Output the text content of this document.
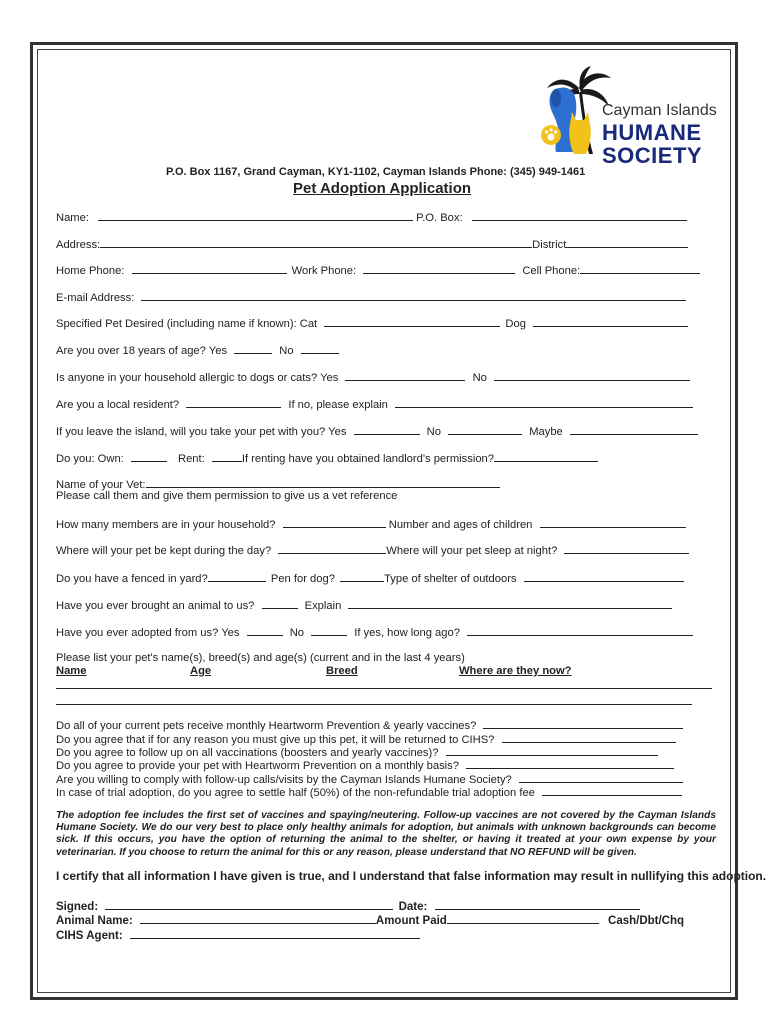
Cayman Islands
HUMANE
SOCIETY
P.O. Box 1167, Grand Cayman, KY1-1102, Cayman Islands Phone: (345) 949-1461
Pet Adoption Application
Name:	P.O. Box:
Address:	District
Home Phone:	Work Phone:	Cell Phone:
E-mail Address:
Specified Pet Desired (including name if known): Cat	Dog
Are you over 18 years of age? Yes	No
Is anyone in your household allergic to dogs or cats? Yes	No
Are you a local resident?	If no, please explain
If you leave the island, will you take your pet with you? Yes	No	Maybe
Do you: Own:	Rent:	If renting have you obtained landlord's permission?
Name of your Vet:
Please call them and give them permission to give us a vet reference
How many members are in your household?	Number and ages of children
Where will your pet be kept during the day?	Where will your pet sleep at night?
Do you have a fenced in yard?	Pen for dog?	Type of shelter of outdoors
Have you ever brought an animal to us?	Explain
Have you ever adopted from us? Yes	No	If yes, how long ago?
Please list your pet's name(s), breed(s) and age(s) (current and in the last 4 years)
Name	Age	Breed	Where are they now?
Do all of your current pets receive monthly Heartworm Prevention & yearly vaccines?
Do you agree that if for any reason you must give up this pet, it will be returned to CIHS?
Do you agree to follow up on all vaccinations (boosters and yearly vaccines)?
Do you agree to provide your pet with Heartworm Prevention on a monthly basis?
Are you willing to comply with follow-up calls/visits by the Cayman Islands Humane Society?
In case of trial adoption, do you agree to settle half (50%) of the non-refundable trial adoption fee
The adoption fee includes the first set of vaccines and spaying/neutering. Follow-up vaccines are not covered by the Cayman Islands Humane Society. We do our very best to place only healthy animals for adoption, but animals with unknown backgrounds can become sick. If this occurs, you have the option of returning the animal to the shelter, or having it treated at your own expense by your veterinarian. If you choose to return the animal for this or any reason, please understand that NO REFUND will be given.
I certify that all information I have given is true, and I understand that false information may result in nullifying this adoption.
Signed:	Date:
Animal Name:	Amount Paid	Cash/Dbt/Chq
CIHS Agent:
